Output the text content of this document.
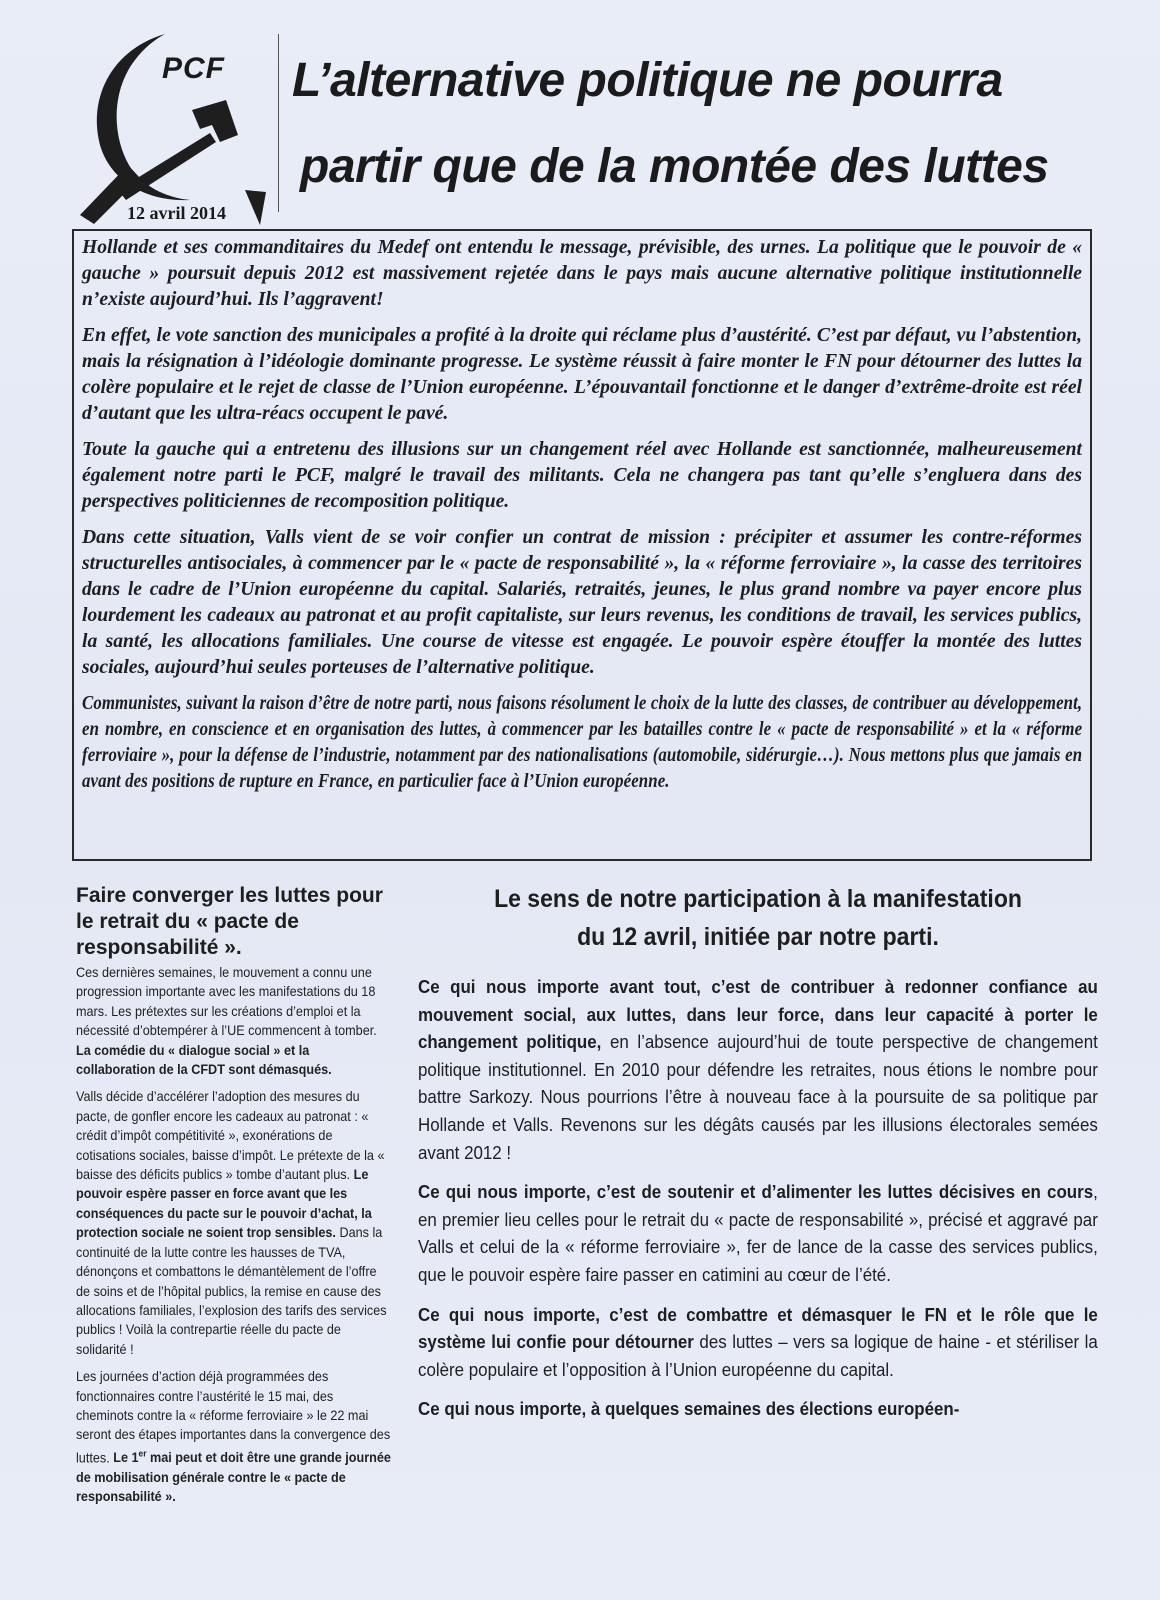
PCF
12 avril 2014
L’alternative politique ne pourra
partir que de la montée des luttes

Hollande et ses commanditaires du Medef ont entendu le message, prévisible, des urnes. La politique que le pouvoir de « gauche » poursuit depuis 2012 est massivement rejetée dans le pays mais aucune alternative politique institutionnelle n’existe aujourd’hui. Ils l’aggravent!

En effet, le vote sanction des municipales a profité à la droite qui réclame plus d’austérité. C’est par défaut, vu l’abstention, mais la résignation à l’idéologie dominante progresse. Le système réussit à faire monter le FN pour détourner des luttes la colère populaire et le rejet de classe de l’Union européenne. L’épouvantail fonctionne et le danger d’extrême-droite est réel d’autant que les ultra-réacs occupent le pavé.

Toute la gauche qui a entretenu des illusions sur un changement réel avec Hollande est sanctionnée, malheureusement également notre parti le PCF, malgré le travail des militants. Cela ne changera pas tant qu’elle s’engluera dans des perspectives politiciennes de recomposition politique.

Dans cette situation, Valls vient de se voir confier un contrat de mission : précipiter et assumer les contre-réformes structurelles antisociales, à commencer par le « pacte de responsabilité », la « réforme ferroviaire », la casse des territoires dans le cadre de l’Union européenne du capital. Salariés, retraités, jeunes, le plus grand nombre va payer encore plus lourdement les cadeaux au patronat et au profit capitaliste, sur leurs revenus, les conditions de travail, les services publics, la santé, les allocations familiales. Une course de vitesse est engagée. Le pouvoir espère étouffer la montée des luttes sociales, aujourd’hui seules porteuses de l’alternative politique.

Communistes, suivant la raison d’être de notre parti, nous faisons résolument le choix de la lutte des classes, de contribuer au développement, en nombre, en conscience et en organisation des luttes, à commencer par les batailles contre le « pacte de responsabilité » et la « réforme ferroviaire », pour la défense de l’industrie, notamment par des nationalisations (automobile, sidérurgie…). Nous mettons plus que jamais en avant des positions de rupture en France, en particulier face à l’Union européenne.

Faire converger les luttes pour le retrait du « pacte de responsabilité ».

Ces dernières semaines, le mouvement a connu une progression importante avec les manifestations du 18 mars. Les prétextes sur les créations d’emploi et la nécessité d’obtempérer à l’UE commencent à tomber. La comédie du « dialogue social » et la collaboration de la CFDT sont démasqués.

Valls décide d’accélérer l’adoption des mesures du pacte, de gonfler encore les cadeaux au patronat : « crédit d’impôt compétitivité », exonérations de cotisations sociales, baisse d’impôt. Le prétexte de la « baisse des déficits publics » tombe d’autant plus. Le pouvoir espère passer en force avant que les conséquences du pacte sur le pouvoir d’achat, la protection sociale ne soient trop sensibles. Dans la continuité de la lutte contre les hausses de TVA, dénonçons et combattons le démantèlement de l’offre de soins et de l’hôpital publics, la remise en cause des allocations familiales, l’explosion des tarifs des services publics ! Voilà la contrepartie réelle du pacte de solidarité !

Les journées d’action déjà programmées des fonctionnaires contre l’austérité le 15 mai, des cheminots contre la « réforme ferroviaire » le 22 mai seront des étapes importantes dans la convergence des luttes. Le 1er mai peut et doit être une grande journée de mobilisation générale contre le « pacte de responsabilité ».

Le sens de notre participation à la manifestation
du 12 avril, initiée par notre parti.

Ce qui nous importe avant tout, c’est de contribuer à redonner confiance au mouvement social, aux luttes, dans leur force, dans leur capacité à porter le changement politique, en l’absence aujourd’hui de toute perspective de changement politique institutionnel. En 2010 pour défendre les retraites, nous étions le nombre pour battre Sarkozy. Nous pourrions l’être à nouveau face à la poursuite de sa politique par Hollande et Valls. Revenons sur les dégâts causés par les illusions électorales semées avant 2012 !

Ce qui nous importe, c’est de soutenir et d’alimenter les luttes décisives en cours, en premier lieu celles pour le retrait du « pacte de responsabilité », précisé et aggravé par Valls et celui de la « réforme ferroviaire », fer de lance de la casse des services publics, que le pouvoir espère faire passer en catimini au cœur de l’été.

Ce qui nous importe, c’est de combattre et démasquer le FN et le rôle que le système lui confie pour détourner des luttes – vers sa logique de haine - et stériliser la colère populaire et l’opposition à l’Union européenne du capital.

Ce qui nous importe, à quelques semaines des élections européen-
